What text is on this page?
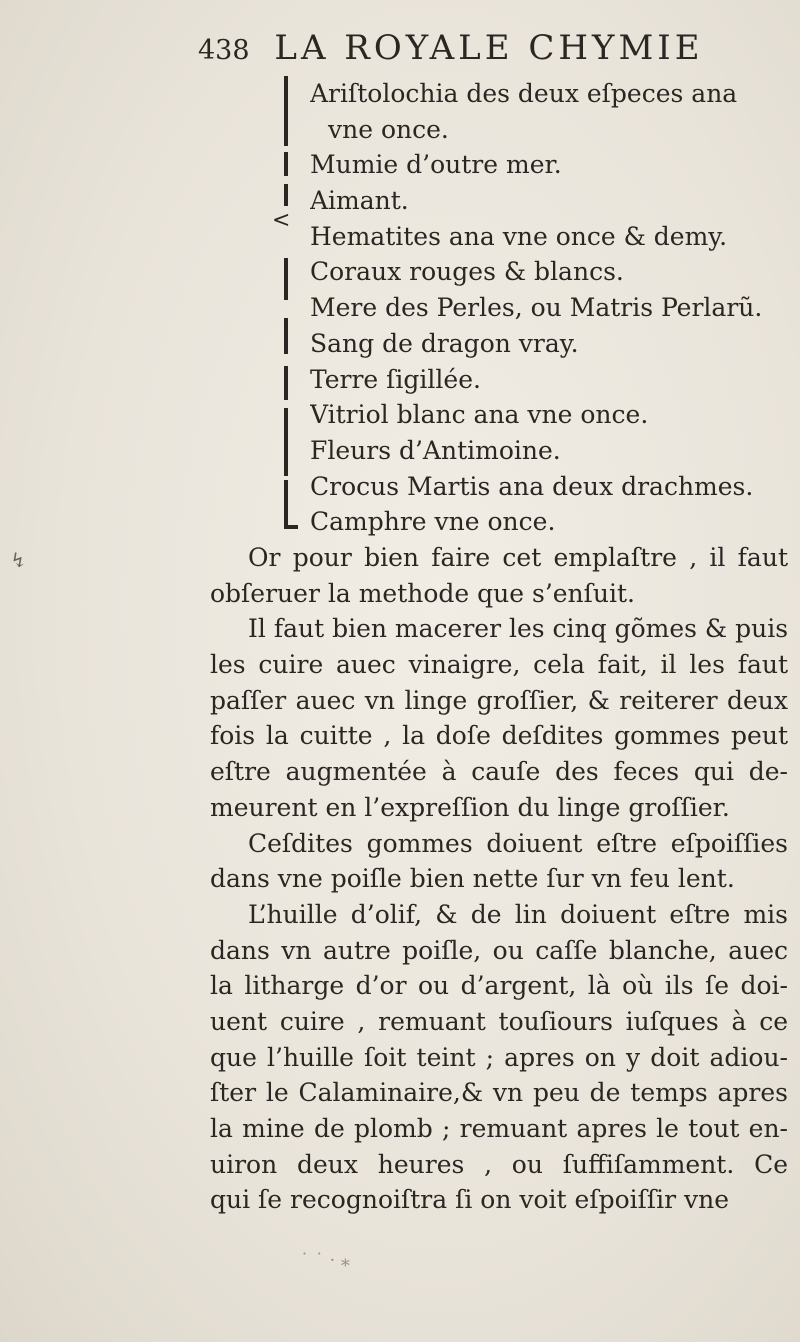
438 LA ROYALE CHYMIE
<
Ariſtolochia des deux eſpeces ana
vne once.
Mumie d’outre mer.
Aimant.
Hematites ana vne once & demy.
Coraux rouges & blancs.
Mere des Perles, ou Matris Perlarũ.
Sang de dragon vray.
Terre ſigillée.
Vitriol blanc ana vne once.
Fleurs d’Antimoine.
Crocus Martis ana deux drachmes.
Camphre vne once.
↯	Or pour bien faire cet emplaſtre , il faut
obſeruer la methode que s’enſuit.
Il faut bien macerer les cinq gõmes & puis
les cuire auec vinaigre, cela fait, il les faut
paſſer auec vn linge groſſier, & reiterer deux
fois la cuitte , la doſe deſdites gommes peut
eſtre augmentée à cauſe des feces qui de-
meurent en l’expreſſion du linge groſſier.
Ceſdites gommes doiuent eſtre eſpoiſſies
dans vne poiſle bien nette ſur vn feu lent.
L’huille d’olif, & de lin doiuent eſtre mis
dans vn autre poiſle, ou caſſe blanche, auec
la litharge d’or ou d’argent, là où ils ſe doi-
uent cuire , remuant touſiours iuſques à ce
que l’huille ſoit teint ; apres on y doit adiou-
ſter le Calaminaire,& vn peu de temps apres
la mine de plomb ; remuant apres le tout en-
uiron deux heures , ou ſuffiſamment. Ce
qui ſe recognoiſtra ſi on voit eſpoiſſir vne
˙ ˙ · ⁎
